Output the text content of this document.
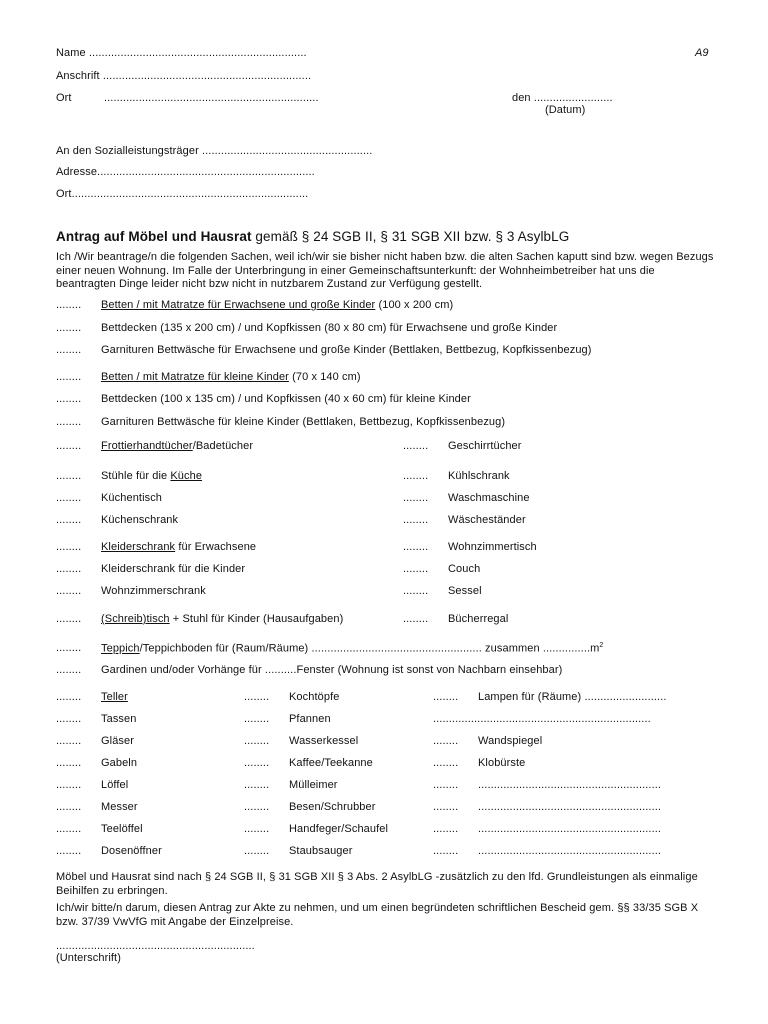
Name .....................................................................	A9
Anschrift ..................................................................
Ort	....................................................................	den .........................
(Datum)
An den Sozialleistungsträger ......................................................
Adresse.....................................................................
Ort...........................................................................
Antrag auf Möbel und Hausrat gemäß § 24 SGB II, § 31 SGB XII bzw. § 3 AsylbLG
Ich /Wir beantrage/n die folgenden Sachen, weil ich/wir sie bisher nicht haben bzw. die alten Sachen kaputt sind bzw. wegen Bezugs einer neuen Wohnung. Im Falle der Unterbringung in einer Gemeinschaftsunterkunft: der Wohnheimbetreiber hat uns die beantragten Dinge leider nicht bzw nicht in nutzbarem Zustand zur Verfügung gestellt.
........ Betten / mit Matratze für Erwachsene und große Kinder (100 x 200 cm)
........ Bettdecken (135 x 200 cm) / und Kopfkissen (80 x 80 cm) für Erwachsene und große Kinder
........ Garnituren Bettwäsche für Erwachsene und große Kinder (Bettlaken, Bettbezug, Kopfkissenbezug)
........ Betten / mit Matratze für kleine Kinder (70 x 140 cm)
........ Bettdecken (100 x 135 cm) / und Kopfkissen (40 x 60 cm) für kleine Kinder
........ Garnituren Bettwäsche für kleine Kinder (Bettlaken, Bettbezug, Kopfkissenbezug)
........ Frottierhandtücher/Badetücher	........ Geschirrtücher
........ Stühle für die Küche	........ Kühlschrank
........ Küchentisch	........ Waschmaschine
........ Küchenschrank	........ Wäscheständer
........ Kleiderschrank für Erwachsene	........ Wohnzimmertisch
........ Kleiderschrank für die Kinder	........ Couch
........ Wohnzimmerschrank	........ Sessel
........ (Schreib)tisch + Stuhl für Kinder (Hausaufgaben)	........ Bücherregal
........ Teppich/Teppichboden für (Raum/Räume) ...................................................... zusammen $...............m^2$
........ Gardinen und/oder Vorhänge für ..........Fenster (Wohnung ist sonst von Nachbarn einsehbar)
........ Teller	........ Kochtöpfe	........ Lampen für (Räume) ..........................
........ Tassen	........ Pfannen	.....................................................................
........ Gläser	........ Wasserkessel	........ Wandspiegel
........ Gabeln	........ Kaffee/Teekanne	........ Klobürste
........ Löffel	........ Mülleimer	........ ..........................................................
........ Messer	........ Besen/Schrubber	........ ..........................................................
........ Teelöffel	........ Handfeger/Schaufel	........ ..........................................................
........ Dosenöffner	........ Staubsauger	........ ..........................................................
Möbel und Hausrat sind nach § 24 SGB II, § 31 SGB XII § 3 Abs. 2 AsylbLG -zusätzlich zu den lfd. Grundleistungen als einmalige Beihilfen zu erbringen.
Ich/wir bitte/n darum, diesen Antrag zur Akte zu nehmen, und um einen begründeten schriftlichen Bescheid gem. §§ 33/35 SGB X bzw. 37/39 VwVfG mit Angabe der Einzelpreise.
...............................................................
(Unterschrift)
